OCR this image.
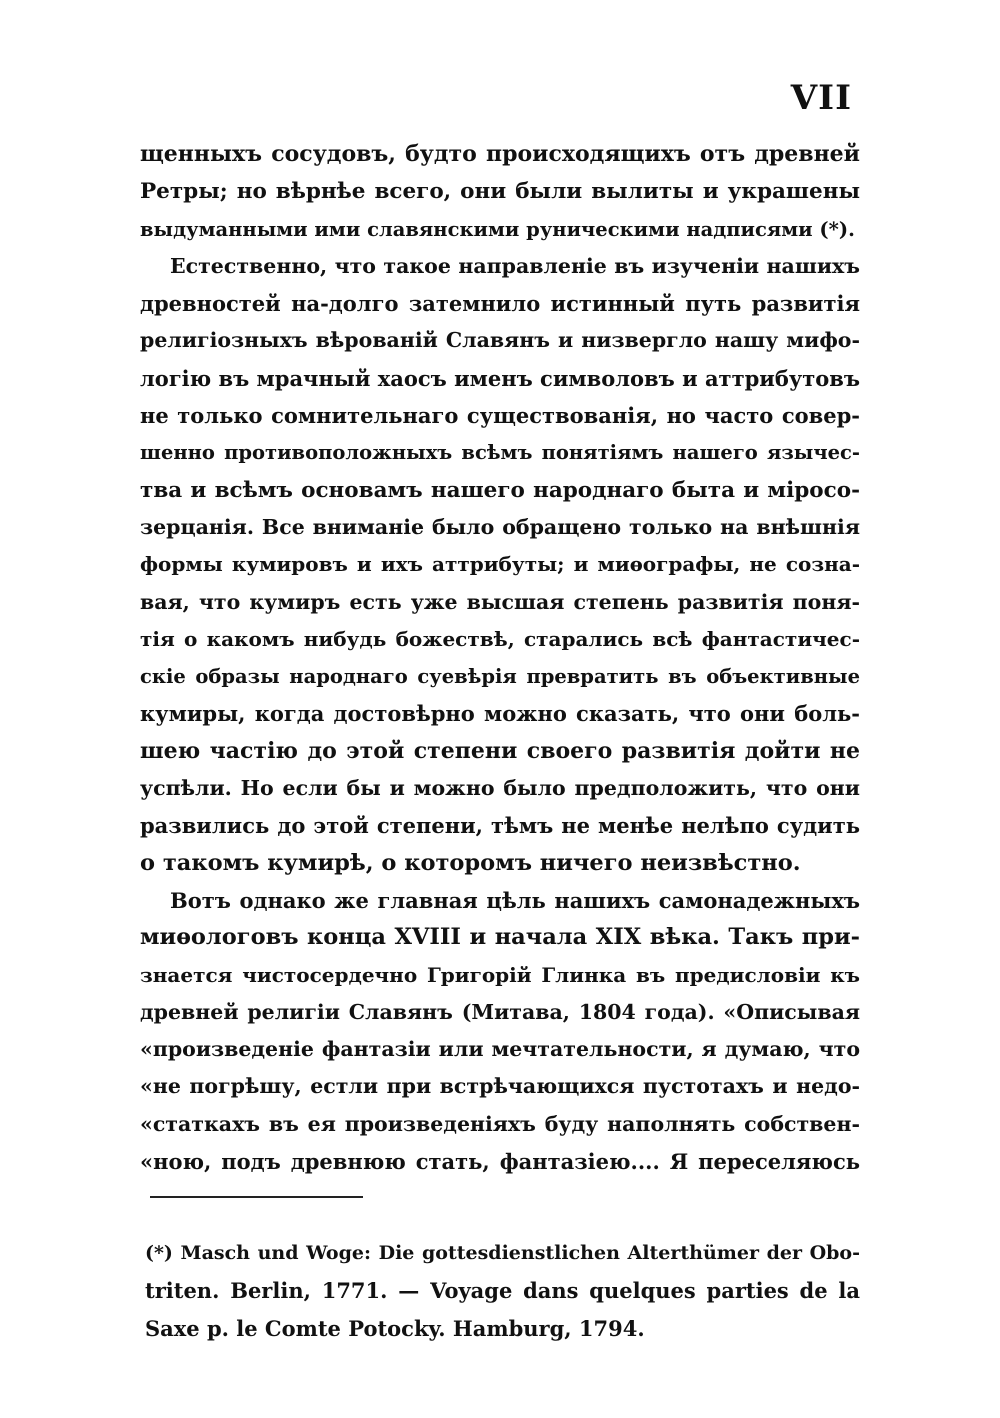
VII
щенныхъ сосудовъ, будто происходящихъ отъ древней
Ретры; но вѣрнѣе всего, они были вылиты и украшены
выдуманными ими славянскими руническими надписями (*).
Естественно, что такое направленіе въ изученіи нашихъ
древностей на-долго затемнило истинный путь развитія
религіозныхъ вѣрованій Славянъ и низвергло нашу мифо-
логію въ мрачный хаосъ именъ символовъ и аттрибутовъ
не только сомнительнаго существованія, но часто совер-
шенно противоположныхъ всѣмъ понятіямъ нашего язычес-
тва и всѣмъ основамъ нашего народнаго быта и міросо-
зерцанія. Все вниманіе было обращено только на внѣшнія
формы кумировъ и ихъ аттрибуты; и миѳографы, не созна-
вая, что кумиръ есть уже высшая степень развитія поня-
тія о какомъ нибудь божествѣ, старались всѣ фантастичес-
скіе образы народнаго суевѣрія превратить въ объективные
кумиры, когда достовѣрно можно сказать, что они боль-
шею частію до этой степени своего развитія дойти не
успѣли. Но если бы и можно было предположить, что они
развились до этой степени, тѣмъ не менѣе нелѣпо судить
о такомъ кумирѣ, о которомъ ничего неизвѣстно.
Вотъ однако же главная цѣль нашихъ самонадежныхъ
миѳологовъ конца XVIII и начала XIX вѣка. Такъ при-
знается чистосердечно Григорій Глинка въ предисловіи къ
древней религіи Славянъ (Митава, 1804 года). «Описывая
«произведеніе фантазіи или мечтательности, я думаю, что
«не погрѣшу, естли при встрѣчающихся пустотахъ и недо-
«статкахъ въ ея произведеніяхъ буду наполнять собствен-
«ною, подъ древнюю стать, фантазіею.... Я переселяюсь
(*) Masch und Woge: Die gottesdienstlichen Alterthümer der Obo-
triten. Berlin, 1771. — Voyage dans quelques parties de la
Saxe p. le Comte Potocky. Hamburg, 1794.
